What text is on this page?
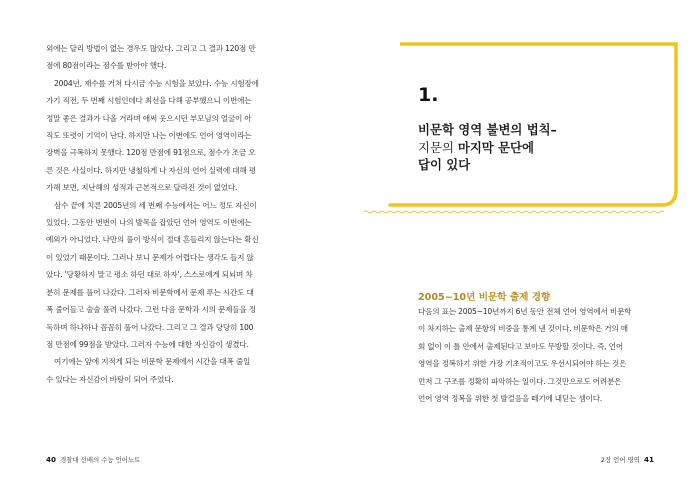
외에는 달리 방법이 없는 경우도 많았다. 그리고 그 결과 120점 만
점에 80점이라는 점수를 받아야 했다.

2004년, 재수를 거쳐 다시금 수능 시험을 보았다. 수능 시험장에
가기 직전, 두 번째 시험인데다 최선을 다해 공부했으니 이번에는
정말 좋은 결과가 나올 거라며 애써 웃으시던 부모님의 얼굴이 아
직도 또렷이 기억이 난다. 하지만 나는 이번에도 언어 영역이라는
장벽을 극복하지 못했다. 120점 만점에 91점으로, 점수가 조금 오
른 것은 사실이다. 하지만 냉철하게 나 자신의 언어 실력에 대해 평
가해 보면, 지난해의 성적과 근본적으로 달라진 것이 없었다.

삼수 끝에 치른 2005년의 세 번째 수능에서는 어느 정도 자신이
있었다. 그동안 번번이 나의 발목을 잡았던 언어 영역도 이번에는
예외가 아니었다. 나만의 풀이 방식이 절대 흔들리지 않는다는 확신
이 있었기 때문이다. 그러나 보니 문제가 어렵다는 생각도 들지 않
았다. '당황하지 말고 평소 하던 대로 하자', 스스로에게 되뇌며 차
분히 문제를 풀어 나갔다. 그러자 비문학에서 문제 푸는 시간도 대
폭 줄어들고 술술 풀려 나갔다. 그런 다음 문학과 시의 문제들을 정
독하며 하나하나 꼼꼼히 풀어 나갔다. 그리고 그 결과 당당히 100
점 만점에 99점을 받았다. 그러자 수능에 대한 자신감이 생겼다.

여기에는 앞에 지적게 되는 비문학 문제에서 시간을 대폭 줄일
수 있다는 자신감이 바탕이 되어 주었다.

40 경찰대 선배의 수능 언어노트
1.
비문학 영역 불변의 법칙–
지문의 마지막 문단에
답이 있다
2005~10년 비문학 출제 경향
다음의 표는 2005~10년까지 6년 동안 전체 언어 영역에서 비문학
이 차지하는 출제 문항의 비중을 통계 낸 것이다. 비문학은 거의 매
회 없이 이 틀 안에서 출제된다고 보아도 무방할 것이다. 즉, 언어
영역을 정복하기 위한 가장 기초적이고도 우선시되어야 하는 것은
먼저 그 구조를 정확히 파악하는 일이다. 그것만으로도 어려분은
언어 영역 정복을 위한 첫 발걸음을 떼기에 내딛는 셈이다.
2장 언어 영역 41
